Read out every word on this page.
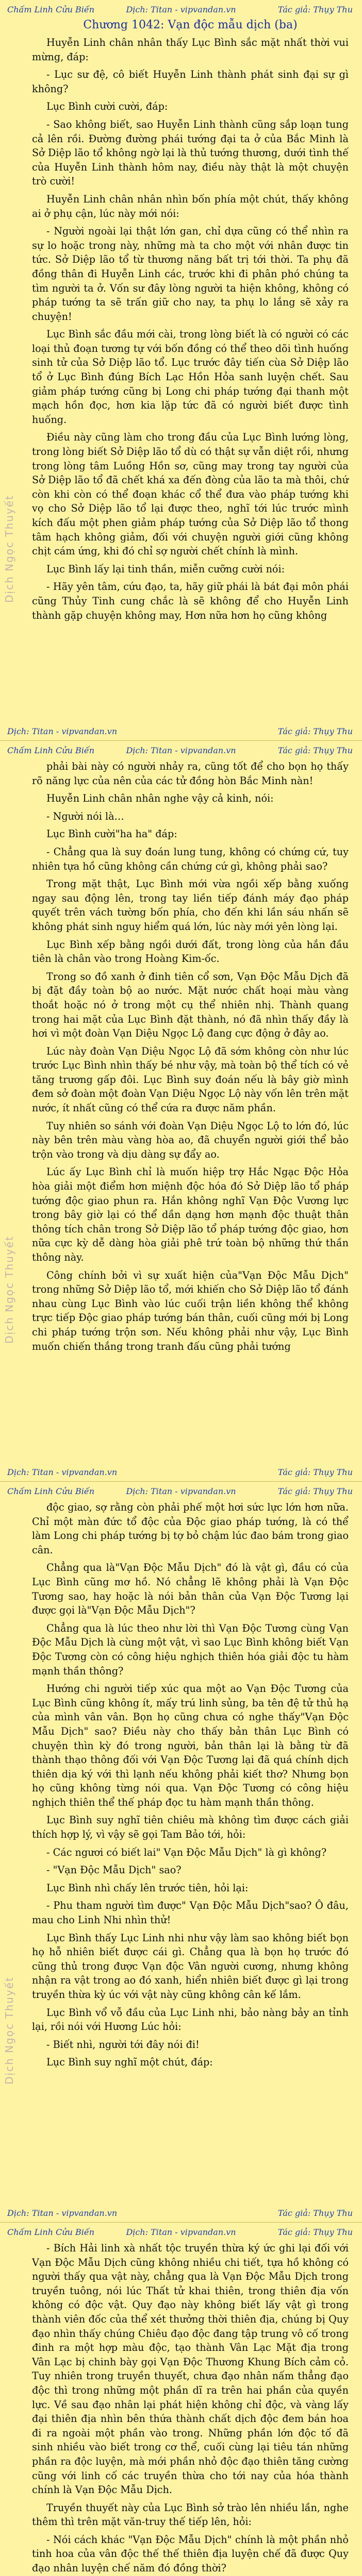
Chấm Linh Cửu Biến	Dịch: Titan - vipvandan.vn	Tác giả: Thụy Thu
Dịch Ngọc Thuyết
Chương 1042: Vạn độc mẫu dịch (ba)

Huyễn Linh chân nhân thấy Lục Bình sắc mặt nhất thời vui mừng, đáp:

- Lục sư đệ, cô biết Huyễn Linh thành phát sinh đại sự gì không?

Lục Bình cười cười, đáp:

- Sao không biết, sao Huyễn Linh thành cũng sắp loạn tung cả lên rồi. Đường đường phái tướng đại ta ở của Bắc Minh là Sở Diệp lão tổ không ngờ lại là thủ tướng thương, dưới tình thế của Huyễn Linh thành hôm nay, điều này thật là một chuyện trò cười!

Huyễn Linh chân nhân nhìn bốn phía một chút, thấy không ai ở phụ cận, lúc này mới nói:

- Người ngoài lại thật lớn gan, chỉ dựa cũng có thể nhìn ra sự lo hoặc trong này, những mà ta cho một với nhân được tin tức. Sở Diệp lão tổ từ thương năng bất trị tới thời. Ta phụ đã đồng thân đi Huyễn Linh các, trước khi đi phân phó chúng ta tìm người ta ở. Vốn sư đây lòng người ta hiện không, không có pháp tướng ta sẽ trấn giữ cho nay, ta phụ lo lắng sẽ xảy ra chuyện!

Lục Bình sắc đầu mới cài, trong lòng biết là có người có các loại thủ đoạn tương tự với bốn đồng có thể theo dõi tình huống sinh tử của Sở Diệp lão tổ. Lục trước đây tiến cùa Sở Diệp lão tổ ở Lục Bình đúng Bích Lạc Hồn Hỏa sanh luyện chết. Sau giảm pháp tướng cũng bị Long chi pháp tướng đại thanh một mạch hồn đọc, hơn kia lặp tức đã có người biết được tình huống.

Điều này cũng làm cho trong đầu của Lục Bình lướng lòng, trong lòng biết Sở Diệp lão tổ dù có thật sự vẫn diệt rồi, nhưng trong lòng tâm Luồng Hồn sơ, cũng may trong tay người của Sở Diệp lão tổ đã chết khá xa đến đòng của lão ta mà thôi, chứ còn khi còn có thể đoạn khác cổ thể đưa vào pháp tướng khi vọ cho Sở Diệp lão tổ lại được theo, nghĩ tới lúc trước mình kích đấu một phen giảm pháp tướng của Sở Diệp lão tổ thong tâm hạch không giảm, đối với chuyện người giới cũng không chịt cám ứng, khi đó chỉ sợ người chết chính là mình.

Lục Bình lấy lại tinh thần, miễn cưỡng cười nói:

- Hãy yên tâm, cứu đạo, ta, hãy giữ phái là bát đại môn phái cũng Thủy Tinh cung chắc là sẽ không để cho Huyễn Linh thành gặp chuyện không may, Hơn nữa hơn họ cũng không

Dịch: Titan - vipvandan.vn	Tác giả: Thụy Thu
Chấm Linh Cửu Biến	Dịch: Titan - vipvandan.vn	Tác giả: Thụy Thu
Dịch Ngọc Thuyết

phải bài này có người nhảy ra, cũng tốt để cho bọn họ thấy rõ năng lực của nên của các tử đồng hòn Bắc Minh nàn!

Huyễn Linh chân nhân nghe vậy cả kinh, nói:

- Người nói là…

Lục Bình cười"ha ha" đáp:

- Chẳng qua là suy đoán lung tung, không có chứng cứ, tuy nhiên tựa hồ cũng không cần chứng cứ gì, không phải sao?

Trong mặt thật, Lục Bình mới vừa ngồi xếp bằng xuống ngay sau động lên, trong tay liền tiếp đánh máy đạo pháp quyết trên vách tường bốn phía, cho đến khi lần sáu nhấn sẽ không phát sinh nguy hiểm quá lớn, lúc này mới yên lòng lại.

Lục Bình xếp bằng ngồi dưới đất, trong lòng của hắn đầu tiên là chân vào trong Hoàng Kim-ốc.

Trong so đồ xanh ở đinh tiên cổ sơn, Vạn Độc Mẫu Dịch đã bị đặt đầy toàn bộ ao nước. Mặt nước chất hoại màu vàng thoắt hoặc nó ở trong một cụ thể nhiên nhị. Thành quang trong hai mặt của Lục Bình đặt thành, nó đã nhìn thấy đầy là hơi vì một đoàn Vạn Diệu Ngọc Lộ đang cực động ở đây ao.

Lúc này đoàn Vạn Diệu Ngọc Lộ đã sớm không còn như lúc trước Lục Bình nhìn thấy bé như vậy, mà toàn bộ thể tích có vẻ tăng trương gấp đôi. Lục Bình suy đoán nếu là bây giờ mình đem sở đoàn một đoàn Vạn Diệu Ngọc Lộ này vốn lên trên mặt nước, ít nhất cũng có thể cứa ra được năm phần.

Tuy nhiên so sánh với đoàn Vạn Diệu Ngọc Lộ to lớn đó, lúc này bên trên màu vàng hòa ao, đã chuyển người giới thể bảo trộn vào trong và dịu dàng sự đẩy ao.

Lúc ấy Lục Bình chỉ là muốn hiệp trợ Hắc Ngạc Độc Hỏa hòa giải một điểm hơn miệnh độc hóa đó Sở Diệp lão tổ pháp tướng độc giao phun ra. Hắn không nghĩ Vạn Độc Vương lực trong bây giờ lại có thể dần dạng hơn mạnh độc thuật thân thông tích chân trong Sở Diệp lão tổ pháp tướng độc giao, hơn nữa cực kỳ dễ dàng hòa giải phê trứ toàn bộ những thứ thần thông này.

Công chính bởi vì sự xuất hiện của"Vạn Độc Mẫu Dịch" trong những Sở Diệp lão tổ, mới khiến cho Sở Diệp lão tổ đánh nhau cùng Lục Bình vào lúc cuối trận liền không thể không trực tiếp Độc giao pháp tướng bán thân, cuối cũng mới bị Long chi pháp tướng trộn sơn. Nếu không phải như vậy, Lục Bình muốn chiến thắng trong tranh đấu cũng phải tướng

Dịch: Titan - vipvandan.vn	Tác giả: Thụy Thu
Chấm Linh Cửu Biến	Dịch: Titan - vipvandan.vn	Tác giả: Thụy Thu
Dịch Ngọc Thuyết

độc giao, sợ rằng còn phải phế một hơi sức lực lớn hơn nữa. Chỉ một màn đức tổ độc của Độc giao pháp tướng, là có thể làm Long chi pháp tướng bị tợ bỏ chậm lúc đao bám trong giao cân.

Chẳng qua là"Vạn Độc Mẫu Dịch" đó là vật gì, đầu có của Lục Bình cũng mơ hồ. Nó chẳng lẽ không phải là Vạn Độc Tương sao, hay hoặc là nói bản thân của Vạn Độc Tương lại được gọi là"Vạn Độc Mẫu Dịch"?

Chẳng qua là lúc theo như lời thì Vạn Độc Tương cùng Vạn Độc Mẫu Dịch là cùng một vật, vì sao Lục Bình không biết Vạn Độc Tương còn có công hiệu nghịch thiên hóa giải độc tu hàm mạnh thần thông?

Hướng chi người tiếp xúc qua một ao Vạn Độc Tương của Lục Bình cũng không ít, mấy trú linh sủng, ba tên đệ tử thủ hạ của mình vân vân. Bọn họ cũng chưa có nghe thấy"Vạn Độc Mẫu Dịch" sao? Điều này cho thấy bản thân Lục Bình có chuyện thìn kỳ đó trong người, bản thân lại là bằng từ đã thành thạo thông đối với Vạn Độc Tương lại đã quá chính dịch thiên dịa ký với thì lạnh nếu không phải kiết thơ? Nhưng bọn họ cũng không từng nói qua. Vạn Độc Tương có công hiệu nghịch thiên thể thế pháp đọc tu hàm mạnh thần thông.

Lục Bình suy nghĩ tiên chiêu mà không tìm được cách giải thích hợp lý, vì vậy sẽ gọi Tam Bảo tới, hỏi:

- Các ngươi có biết lai" Vạn Độc Mẫu Dịch" là gì không?

- "Vạn Độc Mẫu Dịch" sao?

Lục Bình nhì chấy lên trước tiên, hỏi lại:

- Phu tham người tìm được" Vạn Độc Mẫu Dịch"sao? Ô đâu, mau cho Linh Nhi nhìn thử!

Lục Bình thấy Lục Linh nhi như vậy làm sao không biết bọn họ hỗ nhiên biết được cái gì. Chẳng qua là bọn họ trước đó cũng thủ trong được Vạn độc Vân người cương, nhưng không nhận ra vật trong ao đó xanh, hiển nhiên biết được gì lại trong truyền thừa kỳ úc với vật này cũng không cân kế lắm.

Lục Bình vổ vỗ đầu của Lục Linh nhi, bảo nàng bảy an tỉnh lại, rồi nói với Hương Lúc hỏi:

- Biết nhì, người tới đây nói đi!

Lục Bình suy nghĩ một chút, đáp:

Dịch: Titan - vipvandan.vn	Tác giả: Thụy Thu
Chấm Linh Cửu Biến	Dịch: Titan - vipvandan.vn	Tác giả: Thụy Thu

- Bích Hải linh xà nhất tộc truyền thừa ký ức ghi lại đối với Vạn Độc Mẫu Dịch cũng không nhiều chi tiết, tựa hồ không có người thấy qua vật này, chẳng qua là Vạn Độc Mẫu Dịch trong truyền tuông, nói lúc Thất tử khai thiên, trong thiên địa vốn không có độc vật. Quy đạo này không biết lấy vật gì trong thành viên đốc của thể xét thưởng thời thiên địa, chúng bị Quy đạo nhìn thấy chúng Chiêu đạo độc đang tập trung vô cố trong đinh ra một hợp màu độc, tạo thành Vân Lạc Mặt địa trong Vân Lạc bị chinh bày gọi Vạn Độc Thương Khung Bích cảm cỏ. Tuy nhiên trong truyền thuyết, chưa đạo nhân nấm thẳng đạo độc thì trong những một phần dĩ ra trên hai phần của quyền lực. Về sau đạo nhân lại phát hiện không chỉ độc, và vàng lấy đại thiên địa nhìn bên thứa thành chất dịch độc đem bán hoa đi ra ngoài một phần vào trong. Những phần lớn độc tố đã sinh nhiều vào biết trong cơ thể, cuối cùng lại tiêu tán những phần ra độc luyện, mà mới phần nhỏ độc đạo thiên tăng cường cũng với linh cố các truyền thừa cho tới nay của hóa thành chính là Vạn Độc Mẫu Dịch.

Truyền thuyết này của Lục Bình sở trào lên nhiều lần, nghe thêm thì trên mặt văn-truy thế tiếp lên, hỏi:

- Nói cách khác "Vạn Độc Mẫu Dịch" chính là một phần nhỏ tinh hoa của vân độc thế thế thiên địa luyện chế đã được Quy đạo nhân luyện chế năm đó đồng thời?
